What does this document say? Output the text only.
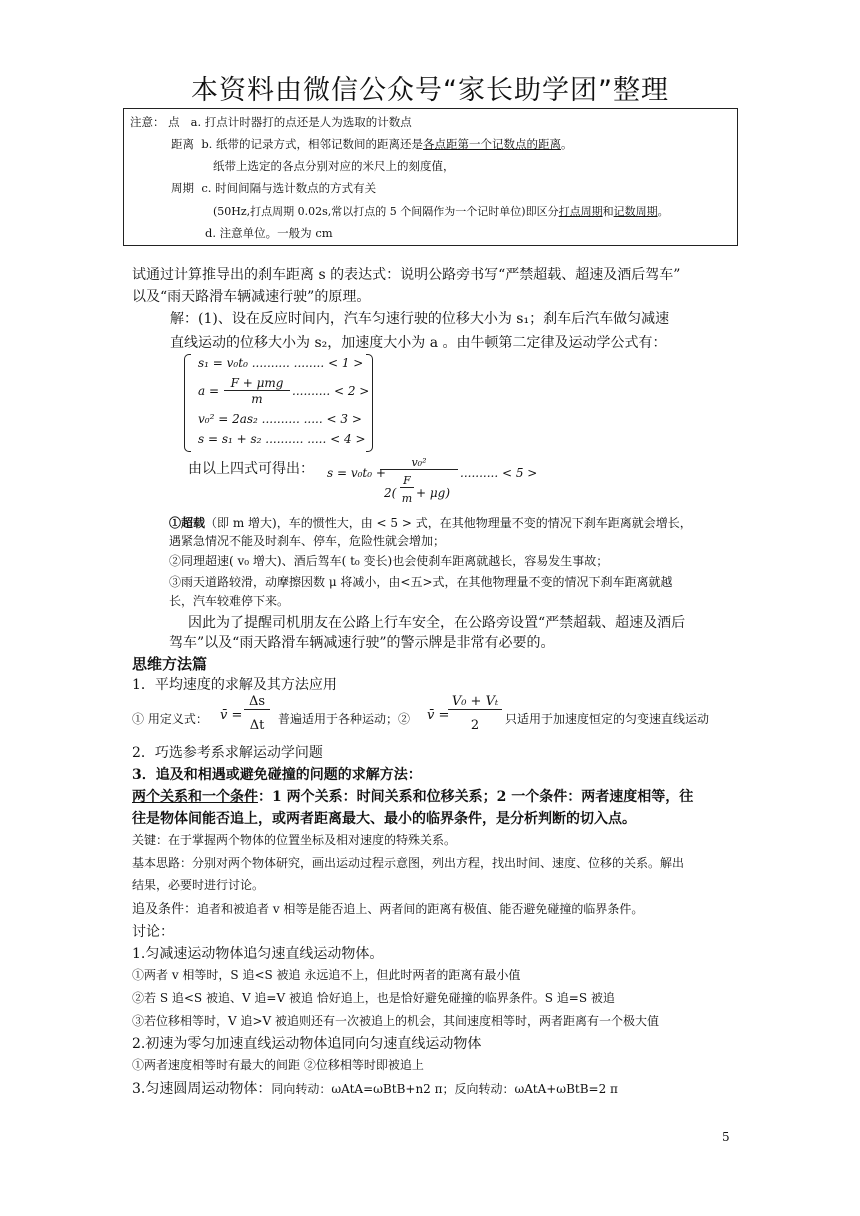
本资料由微信公众号“家长助学团”整理
注意： 点 a. 打点计时器打的点还是人为选取的计数点
距离 b. 纸带的记录方式，相邻记数间的距离还是各点距第一个记数点的距离。
纸带上选定的各点分别对应的米尺上的刻度值，
周期 c. 时间间隔与选计数点的方式有关
(50Hz,打点周期 0.02s,常以打点的 5 个间隔作为一个记时单位)即区分打点周期和记数周期。
d. 注意单位。一般为 cm
试通过计算推导出的刹车距离 s 的表达式：说明公路旁书写“严禁超载、超速及酒后驾车”
以及“雨天路滑车辆减速行驶”的原理。
解：(1)、设在反应时间内，汽车匀速行驶的位移大小为 s₁；刹车后汽车做匀减速
直线运动的位移大小为 s₂，加速度大小为 a 。由牛顿第二定律及运动学公式有：
s₁ = v₀t₀ .......... ........ < 1 >
a =
F + μmg
m
.......... < 2 >
v₀² = 2as₂ .......... ..... < 3 >
s = s₁ + s₂ .......... ..... < 4 >
由以上四式可得出： s = v₀t₀ +
v₀²
2(
F
m + μg)
.......... < 5 >
①超载（即 m 增大)，车的惯性大，由 < 5 > 式，在其他物理量不变的情况下刹车距离就会增长，
遇紧急情况不能及时刹车、停车，危险性就会增加；
②同理超速( v₀ 增大)、酒后驾车( t₀ 变长)也会使刹车距离就越长，容易发生事故；
③雨天道路较滑，动摩擦因数 μ 将减小，由<五>式，在其他物理量不变的情况下刹车距离就越
长，汽车较难停下来。
因此为了提醒司机朋友在公路上行车安全，在公路旁设置“严禁超载、超速及酒后
驾车”以及“雨天路滑车辆减速行驶”的警示牌是非常有必要的。
思维方法篇
1．平均速度的求解及其方法应用
① 用定义式： v̄ =
Δs
Δt	普遍适用于各种运动；② v̄ =
V₀ + Vₜ
2	只适用于加速度恒定的匀变速直线运动
2．巧选参考系求解运动学问题
3．追及和相遇或避免碰撞的问题的求解方法：
两个关系和一个条件：1 两个关系：时间关系和位移关系；2 一个条件：两者速度相等，往
往是物体间能否追上，或两者距离最大、最小的临界条件，是分析判断的切入点。
关键：在于掌握两个物体的位置坐标及相对速度的特殊关系。
基本思路：分别对两个物体研究，画出运动过程示意图，列出方程，找出时间、速度、位移的关系。解出
结果，必要时进行讨论。
追及条件：追者和被追者 v 相等是能否追上、两者间的距离有极值、能否避免碰撞的临界条件。
讨论：
1.匀减速运动物体追匀速直线运动物体。
①两者 v 相等时，S 追<S 被追 永远追不上，但此时两者的距离有最小值
②若 S 追<S 被追、V 追=V 被追 恰好追上，也是恰好避免碰撞的临界条件。S 追=S 被追
③若位移相等时，V 追>V 被追则还有一次被追上的机会，其间速度相等时，两者距离有一个极大值
2.初速为零匀加速直线运动物体追同向匀速直线运动物体
①两者速度相等时有最大的间距 ②位移相等时即被追上
3.匀速圆周运动物体：同向转动：ωAtA=ωBtB+n2 π；反向转动：ωAtA+ωBtB=2 π
5
